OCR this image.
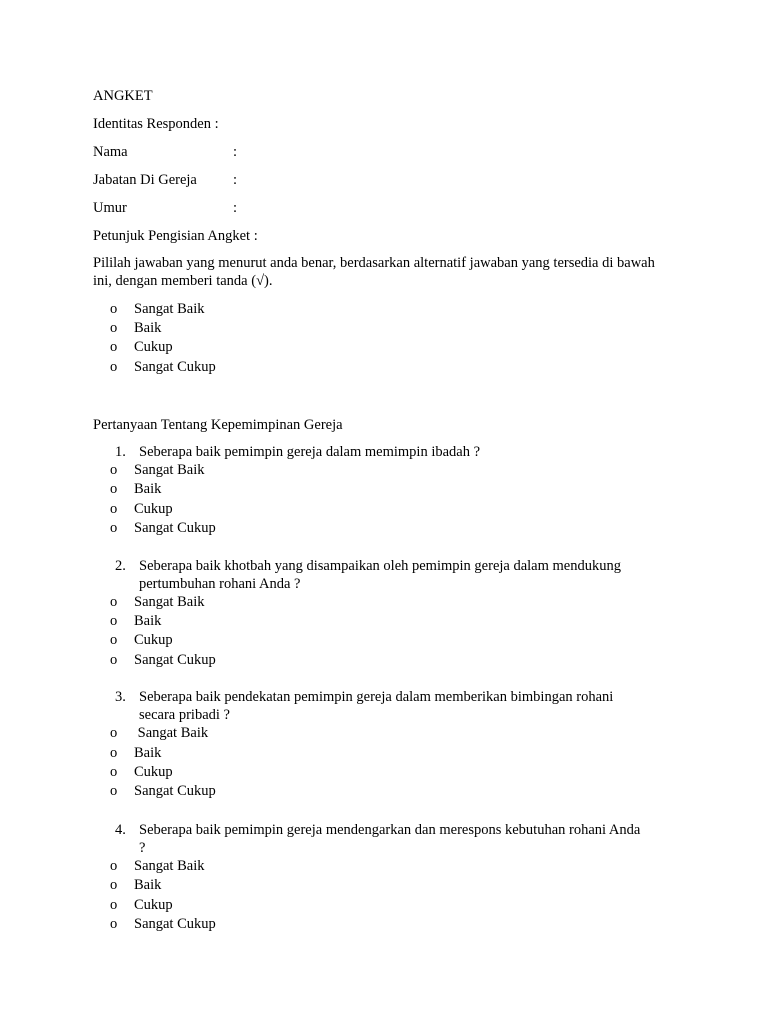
ANGKET

Identitas Responden :

Nama	:

Jabatan Di Gereja :

Umur	:

Petunjuk Pengisian Angket :

Pililah jawaban yang menurut anda benar, berdasarkan alternatif jawaban yang tersedia di bawah ini, dengan memberi tanda (√).

o Sangat Baik
o Baik
o Cukup
o Sangat Cukup

Pertanyaan Tentang Kepemimpinan Gereja

1. Seberapa baik pemimpin gereja dalam memimpin ibadah ?
o Sangat Baik
o Baik
o Cukup
o Sangat Cukup
2. Seberapa baik khotbah yang disampaikan oleh pemimpin gereja dalam mendukung
pertumbuhan rohani Anda ?
o Sangat Baik
o Baik
o Cukup
o Sangat Cukup
3. Seberapa baik pendekatan pemimpin gereja dalam memberikan bimbingan rohani
secara pribadi ?
o Sangat Baik
o Baik
o Cukup
o Sangat Cukup
4. Seberapa baik pemimpin gereja mendengarkan dan merespons kebutuhan rohani Anda
?
o Sangat Baik
o Baik
o Cukup
o Sangat Cukup
